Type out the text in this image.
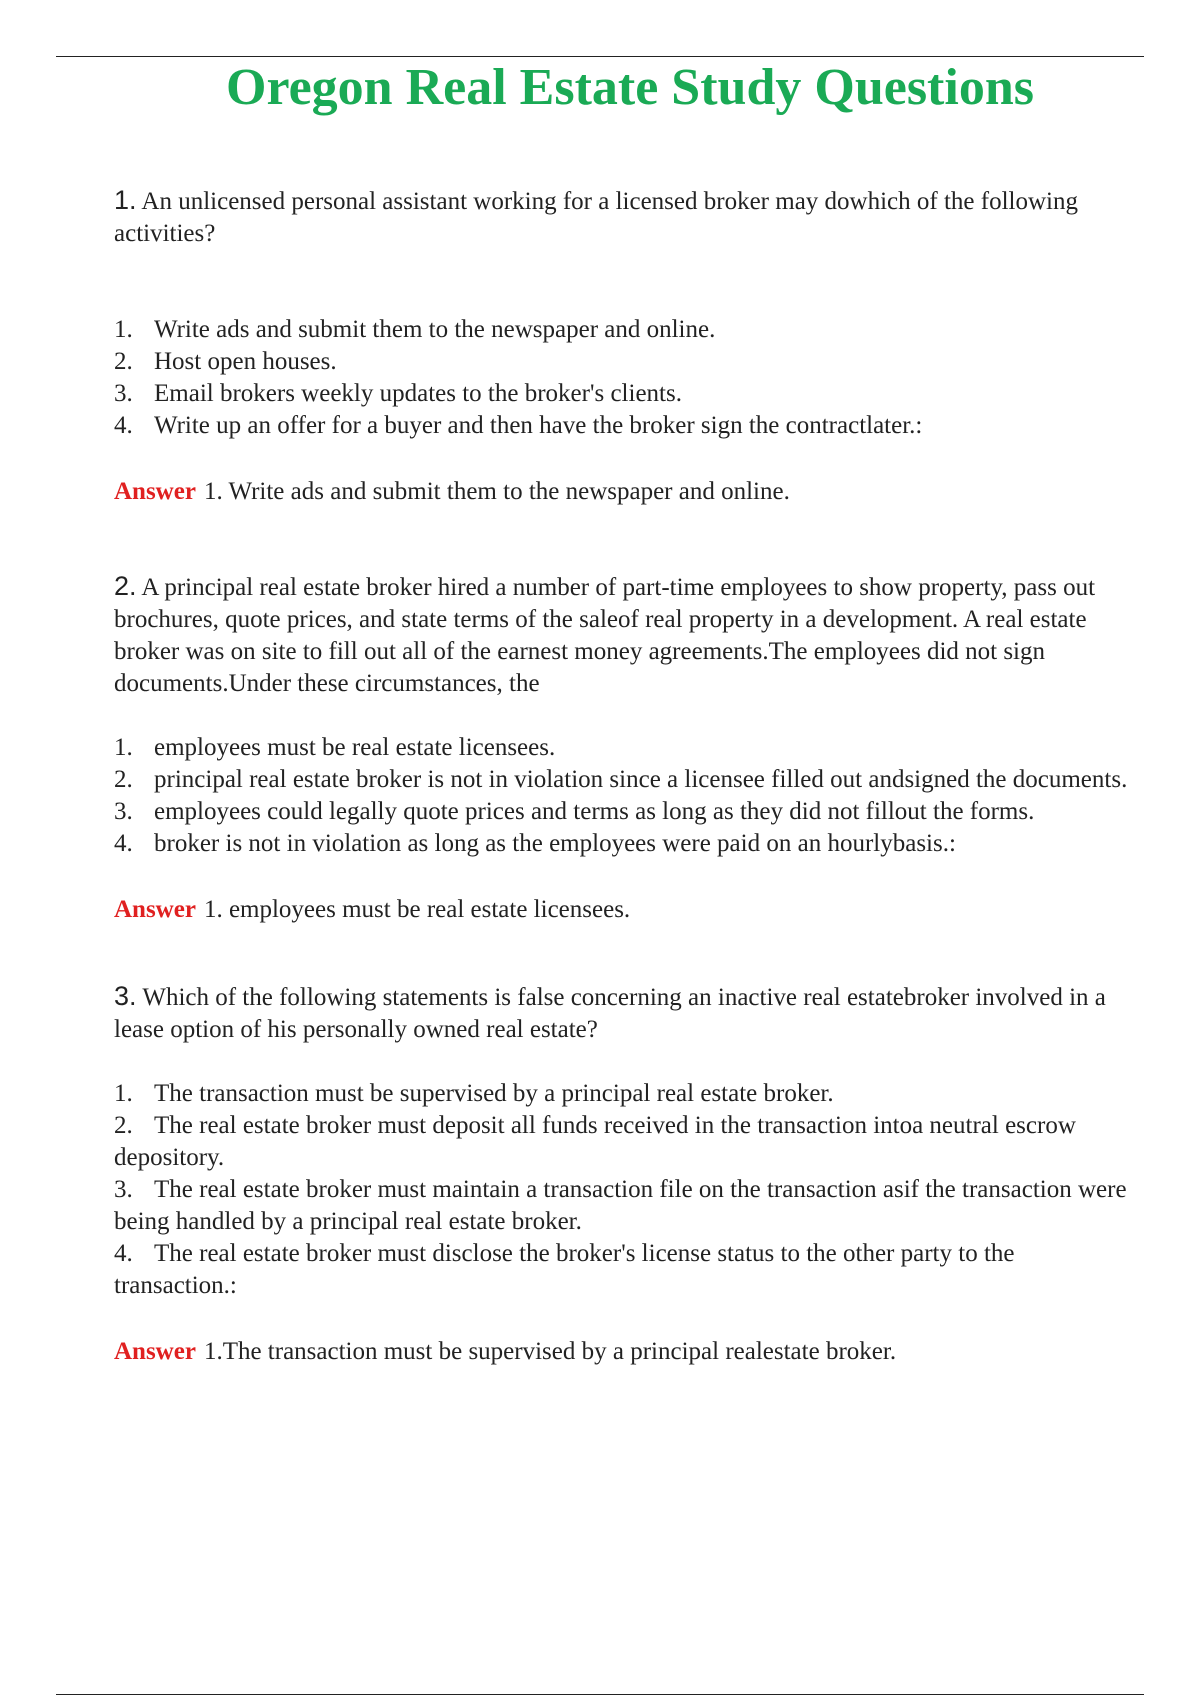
Oregon Real Estate Study Questions

1. An unlicensed personal assistant working for a licensed broker may dowhich of the following activities?

1. Write ads and submit them to the newspaper and online.
2. Host open houses.
3. Email brokers weekly updates to the broker's clients.
4. Write up an offer for a buyer and then have the broker sign the contractlater.:

Answer 1. Write ads and submit them to the newspaper and online.

2. A principal real estate broker hired a number of part-time employees to show property, pass out brochures, quote prices, and state terms of the saleof real property in a development. A real estate broker was on site to fill out all of the earnest money agreements.The employees did not sign documents.Under these circumstances, the

1. employees must be real estate licensees.
2. principal real estate broker is not in violation since a licensee filled out andsigned the documents.
3. employees could legally quote prices and terms as long as they did not fillout the forms.
4. broker is not in violation as long as the employees were paid on an hourlybasis.:

Answer 1. employees must be real estate licensees.

3. Which of the following statements is false concerning an inactive real estatebroker involved in a lease option of his personally owned real estate?

1. The transaction must be supervised by a principal real estate broker.
2. The real estate broker must deposit all funds received in the transaction intoa neutral escrow depository.
3. The real estate broker must maintain a transaction file on the transaction asif the transaction were being handled by a principal real estate broker.
4. The real estate broker must disclose the broker's license status to the other party to the transaction.:

Answer 1.The transaction must be supervised by a principal realestate broker.
